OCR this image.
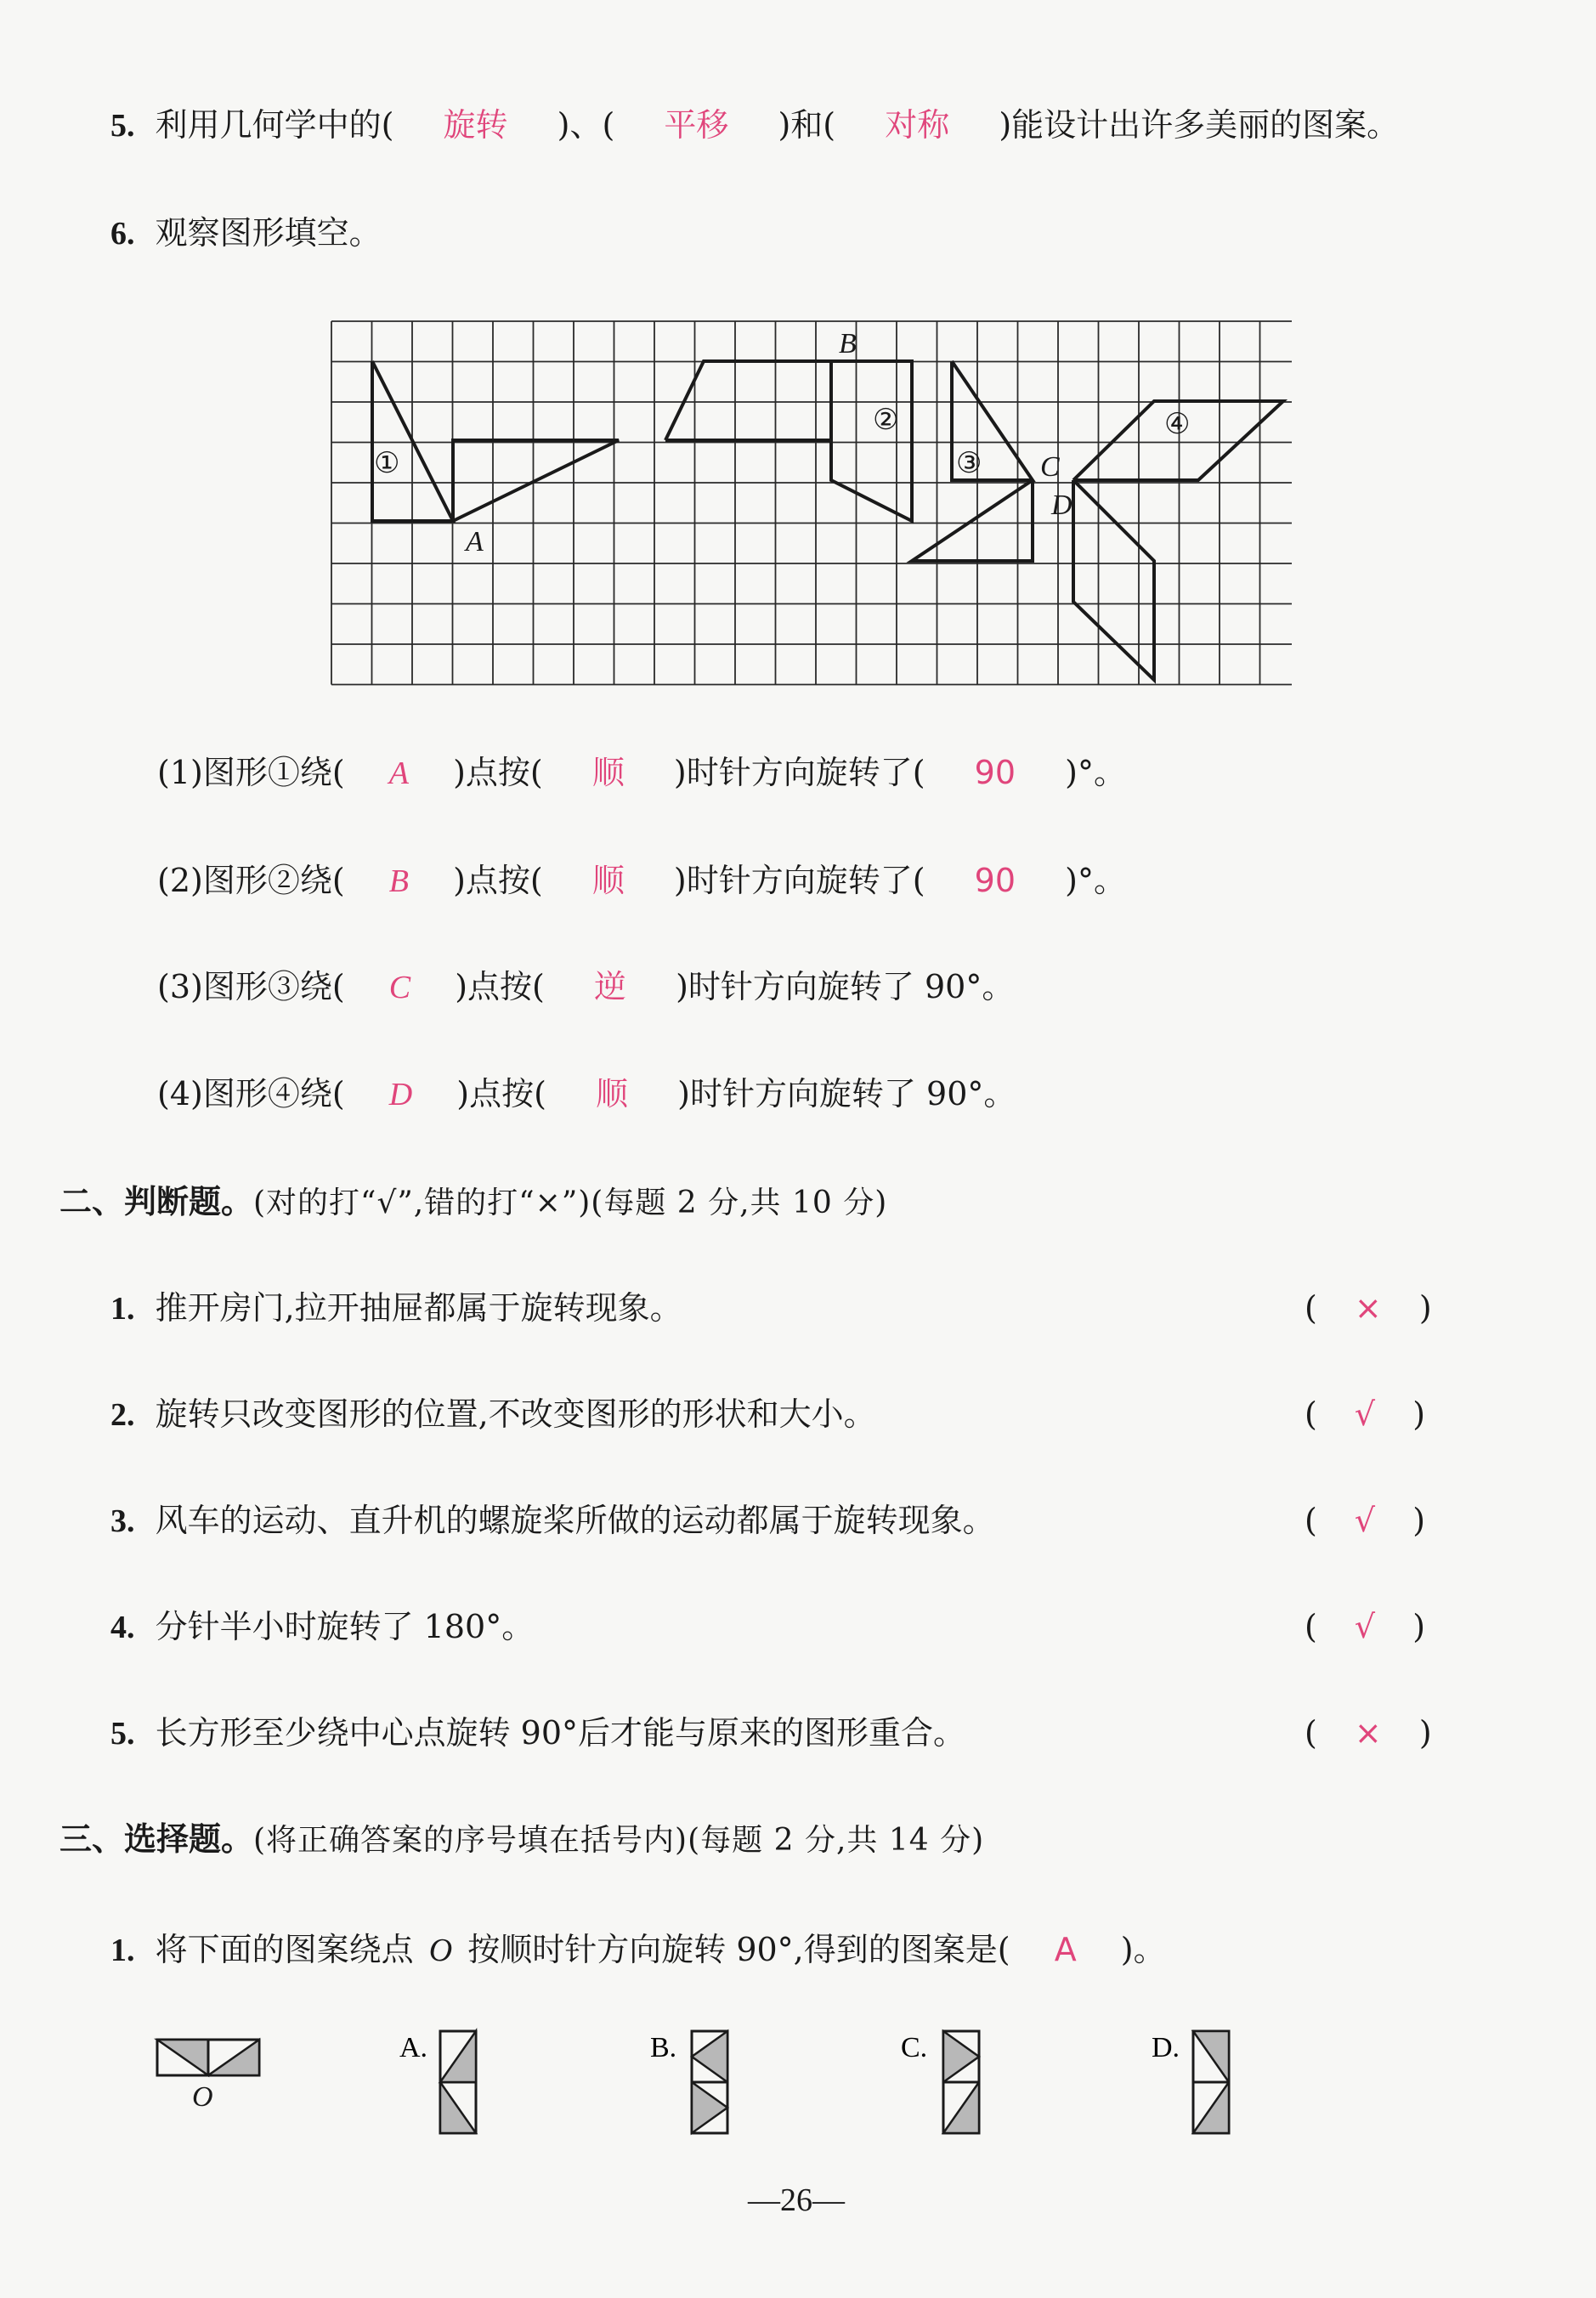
5. 利用几何学中的( 旋转 )、( 平移 )和( 对称 )能设计出许多美丽的图案。
6. 观察图形填空。
A
B
C
D
①
②
③
④
(1)图形①绕( A )点按( 顺 )时针方向旋转了( 90 )°。
(2)图形②绕( B )点按( 顺 )时针方向旋转了( 90 )°。
(3)图形③绕( C )点按( 逆 )时针方向旋转了 90°。
(4)图形④绕( D )点按( 顺 )时针方向旋转了 90°。
二、判断题。(对的打“√”,错的打“×”)(每题 2 分,共 10 分)
1. 推开房门,拉开抽屉都属于旋转现象。	( × )
2. 旋转只改变图形的位置,不改变图形的形状和大小。	( √ )
3. 风车的运动、直升机的螺旋桨所做的运动都属于旋转现象。	( √ )
4. 分针半小时旋转了 180°。	( √ )
5. 长方形至少绕中心点旋转 90°后才能与原来的图形重合。	( × )
三、选择题。(将正确答案的序号填在括号内)(每题 2 分,共 14 分)
1. 将下面的图案绕点 O 按顺时针方向旋转 90°,得到的图案是( A )。
O
A.	B.	C.	D.
—26—
